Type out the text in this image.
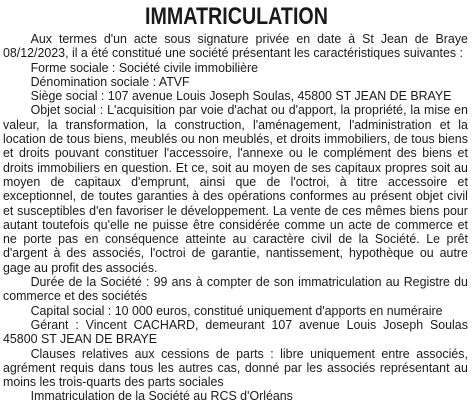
IMMATRICULATION

Aux termes d'un acte sous signature privée en date à St Jean de Braye 08/12/2023, il a été constitué une société présentant les caractéristiques suivantes :

Forme sociale : Société civile immobilière

Dénomination sociale : ATVF

Siège social : 107 avenue Louis Joseph Soulas, 45800 ST JEAN DE BRAYE

Objet social : L'acquisition par voie d'achat ou d'apport, la propriété, la mise en valeur, la transformation, la construction, l'aménagement, l'administration et la location de tous biens, meublés ou non meublés, et droits immobiliers, de tous biens et droits pouvant constituer l'accessoire, l'annexe ou le complément des biens et droits immobiliers en question. Et ce, soit au moyen de ses capitaux propres soit au moyen de capitaux d'emprunt, ainsi que de l'octroi, à titre accessoire et exceptionnel, de toutes garanties à des opérations conformes au présent objet civil et susceptibles d'en favoriser le développement. La vente de ces mêmes biens pour autant toutefois qu'elle ne puisse être considérée comme un acte de commerce et ne porte pas en conséquence atteinte au caractère civil de la Société. Le prêt d'argent à des associés, l'octroi de garantie, nantissement, hypothèque ou autre gage au profit des associés.

Durée de la Société : 99 ans à compter de son immatriculation au Registre du commerce et des sociétés

Capital social : 10 000 euros, constitué uniquement d'apports en numéraire

Gérant : Vincent CACHARD, demeurant 107 avenue Louis Joseph Soulas 45800 ST JEAN DE BRAYE

Clauses relatives aux cessions de parts : libre uniquement entre associés, agrément requis dans tous les autres cas, donné par les associés représentant au moins les trois-quarts des parts sociales

Immatriculation de la Société au RCS d'Orléans
